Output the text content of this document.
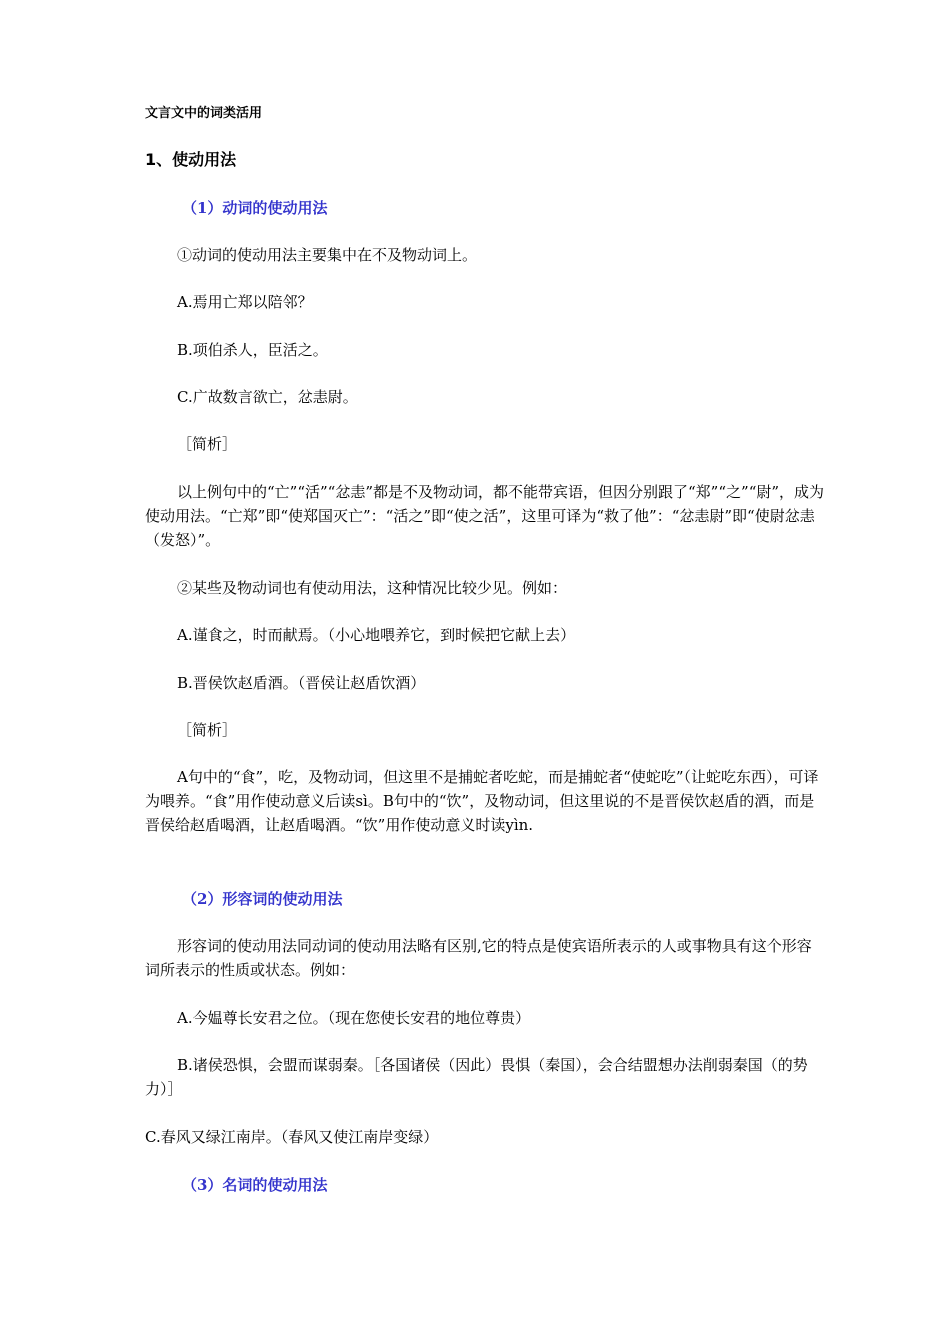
文言文中的词类活用
1、使动用法
（1）动词的使动用法

①动词的使动用法主要集中在不及物动词上。

A.焉用亡郑以陪邻？

B.项伯杀人，臣活之。

C.广故数言欲亡，忿恚尉。

［简析］

以上例句中的“亡”“活”“忿恚”都是不及物动词，都不能带宾语，但因分别跟了“郑”“之”“尉”，成为使动用法。“亡郑”即“使郑国灭亡”：“活之”即“使之活”，这里可译为“救了他”：“忿恚尉”即“使尉忿恚（发怒）”。

②某些及物动词也有使动用法，这种情况比较少见。例如：

A.谨食之，时而献焉。（小心地喂养它，到时候把它献上去）

B.晋侯饮赵盾酒。（晋侯让赵盾饮酒）

［简析］

A句中的“食”，吃，及物动词，但这里不是捕蛇者吃蛇，而是捕蛇者“使蛇吃”（让蛇吃东西），可译为喂养。“食”用作使动意义后读sì。B句中的“饮”，及物动词，但这里说的不是晋侯饮赵盾的酒，而是晋侯给赵盾喝酒，让赵盾喝酒。“饮”用作使动意义时读yìn.

（2）形容词的使动用法

形容词的使动用法同动词的使动用法略有区别,它的特点是使宾语所表示的人或事物具有这个形容词所表示的性质或状态。例如：

A.今媪尊长安君之位。（现在您使长安君的地位尊贵）

B.诸侯恐惧，会盟而谋弱秦。［各国诸侯（因此）畏惧（秦国），会合结盟想办法削弱秦国（的势力）］

C.春风又绿江南岸。（春风又使江南岸变绿）

（3）名词的使动用法
